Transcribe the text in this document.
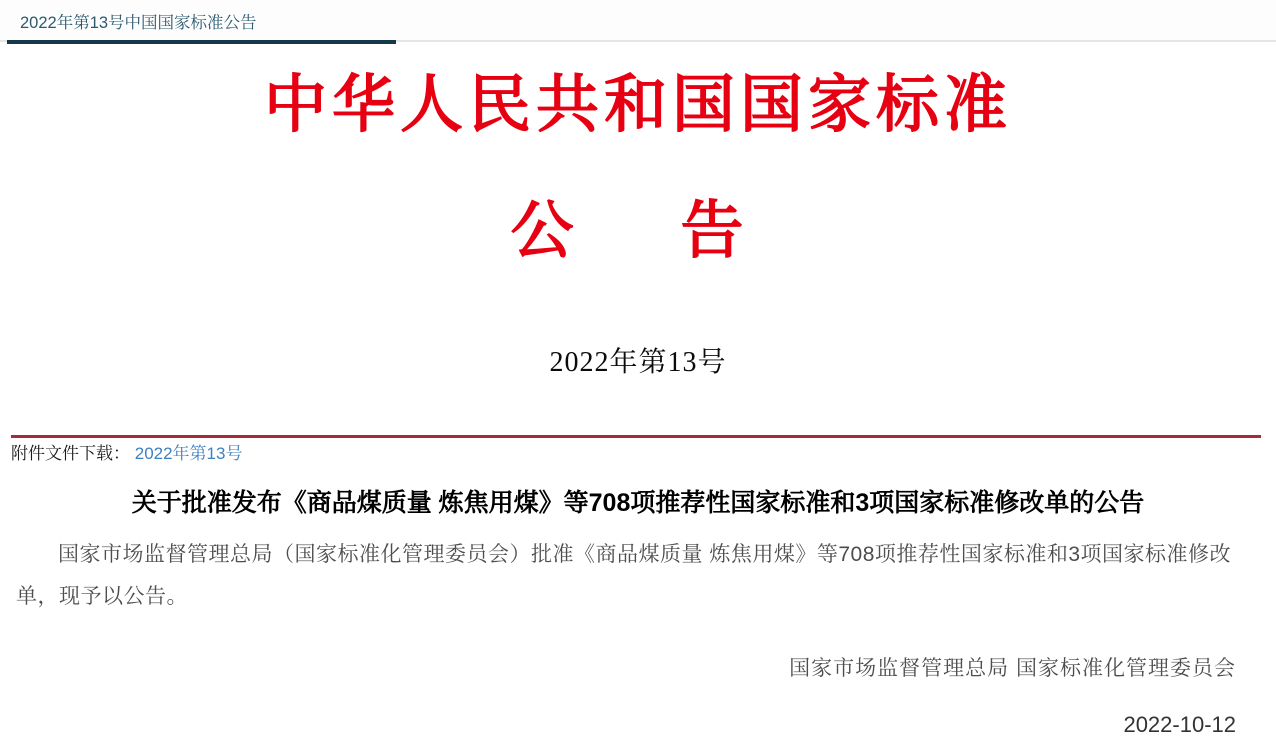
2022年第13号中国国家标准公告
中华人民共和国国家标准
公　告
2022年第13号
附件文件下载： 2022年第13号
关于批准发布《商品煤质量 炼焦用煤》等708项推荐性国家标准和3项国家标准修改单的公告

国家市场监督管理总局（国家标准化管理委员会）批准《商品煤质量 炼焦用煤》等708项推荐性国家标准和3项国家标准修改单，现予以公告。

国家市场监督管理总局 国家标准化管理委员会
2022-10-12
